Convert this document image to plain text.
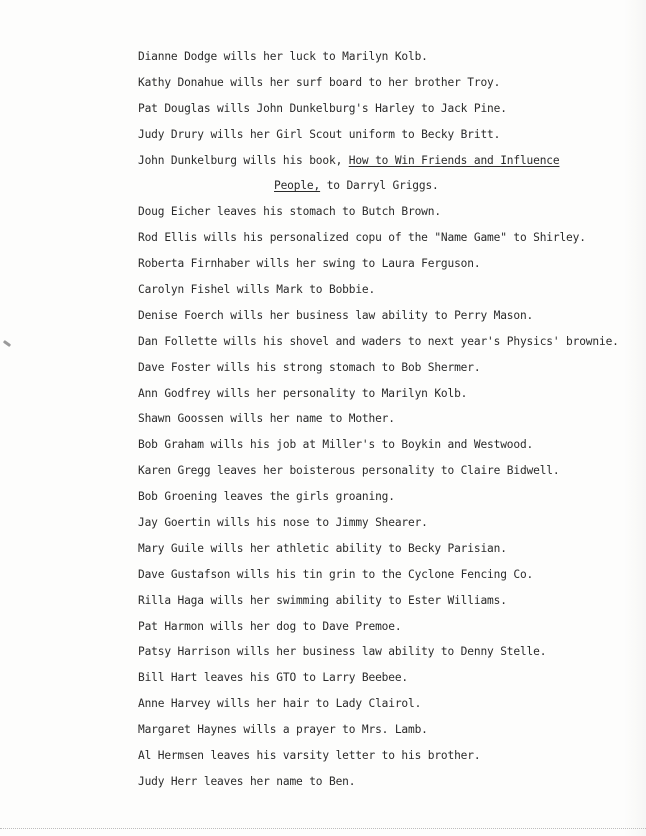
Dianne Dodge wills her luck to Marilyn Kolb.
Kathy Donahue wills her surf board to her brother Troy.
Pat Douglas wills John Dunkelburg's Harley to Jack Pine.
Judy Drury wills her Girl Scout uniform to Becky Britt.
John Dunkelburg wills his book, How to Win Friends and Influence
People, to Darryl Griggs.
Doug Eicher leaves his stomach to Butch Brown.
Rod Ellis wills his personalized copu of the "Name Game" to Shirley.
Roberta Firnhaber wills her swing to Laura Ferguson.
Carolyn Fishel wills Mark to Bobbie.
Denise Foerch wills her business law ability to Perry Mason.
Dan Follette wills his shovel and waders to next year's Physics' brownie.
Dave Foster wills his strong stomach to Bob Shermer.
Ann Godfrey wills her personality to Marilyn Kolb.
Shawn Goossen wills her name to Mother.
Bob Graham wills his job at Miller's to Boykin and Westwood.
Karen Gregg leaves her boisterous personality to Claire Bidwell.
Bob Groening leaves the girls groaning.
Jay Goertin wills his nose to Jimmy Shearer.
Mary Guile wills her athletic ability to Becky Parisian.
Dave Gustafson wills his tin grin to the Cyclone Fencing Co.
Rilla Haga wills her swimming ability to Ester Williams.
Pat Harmon wills her dog to Dave Premoe.
Patsy Harrison wills her business law ability to Denny Stelle.
Bill Hart leaves his GTO to Larry Beebee.
Anne Harvey wills her hair to Lady Clairol.
Margaret Haynes wills a prayer to Mrs. Lamb.
Al Hermsen leaves his varsity letter to his brother.
Judy Herr leaves her name to Ben.
